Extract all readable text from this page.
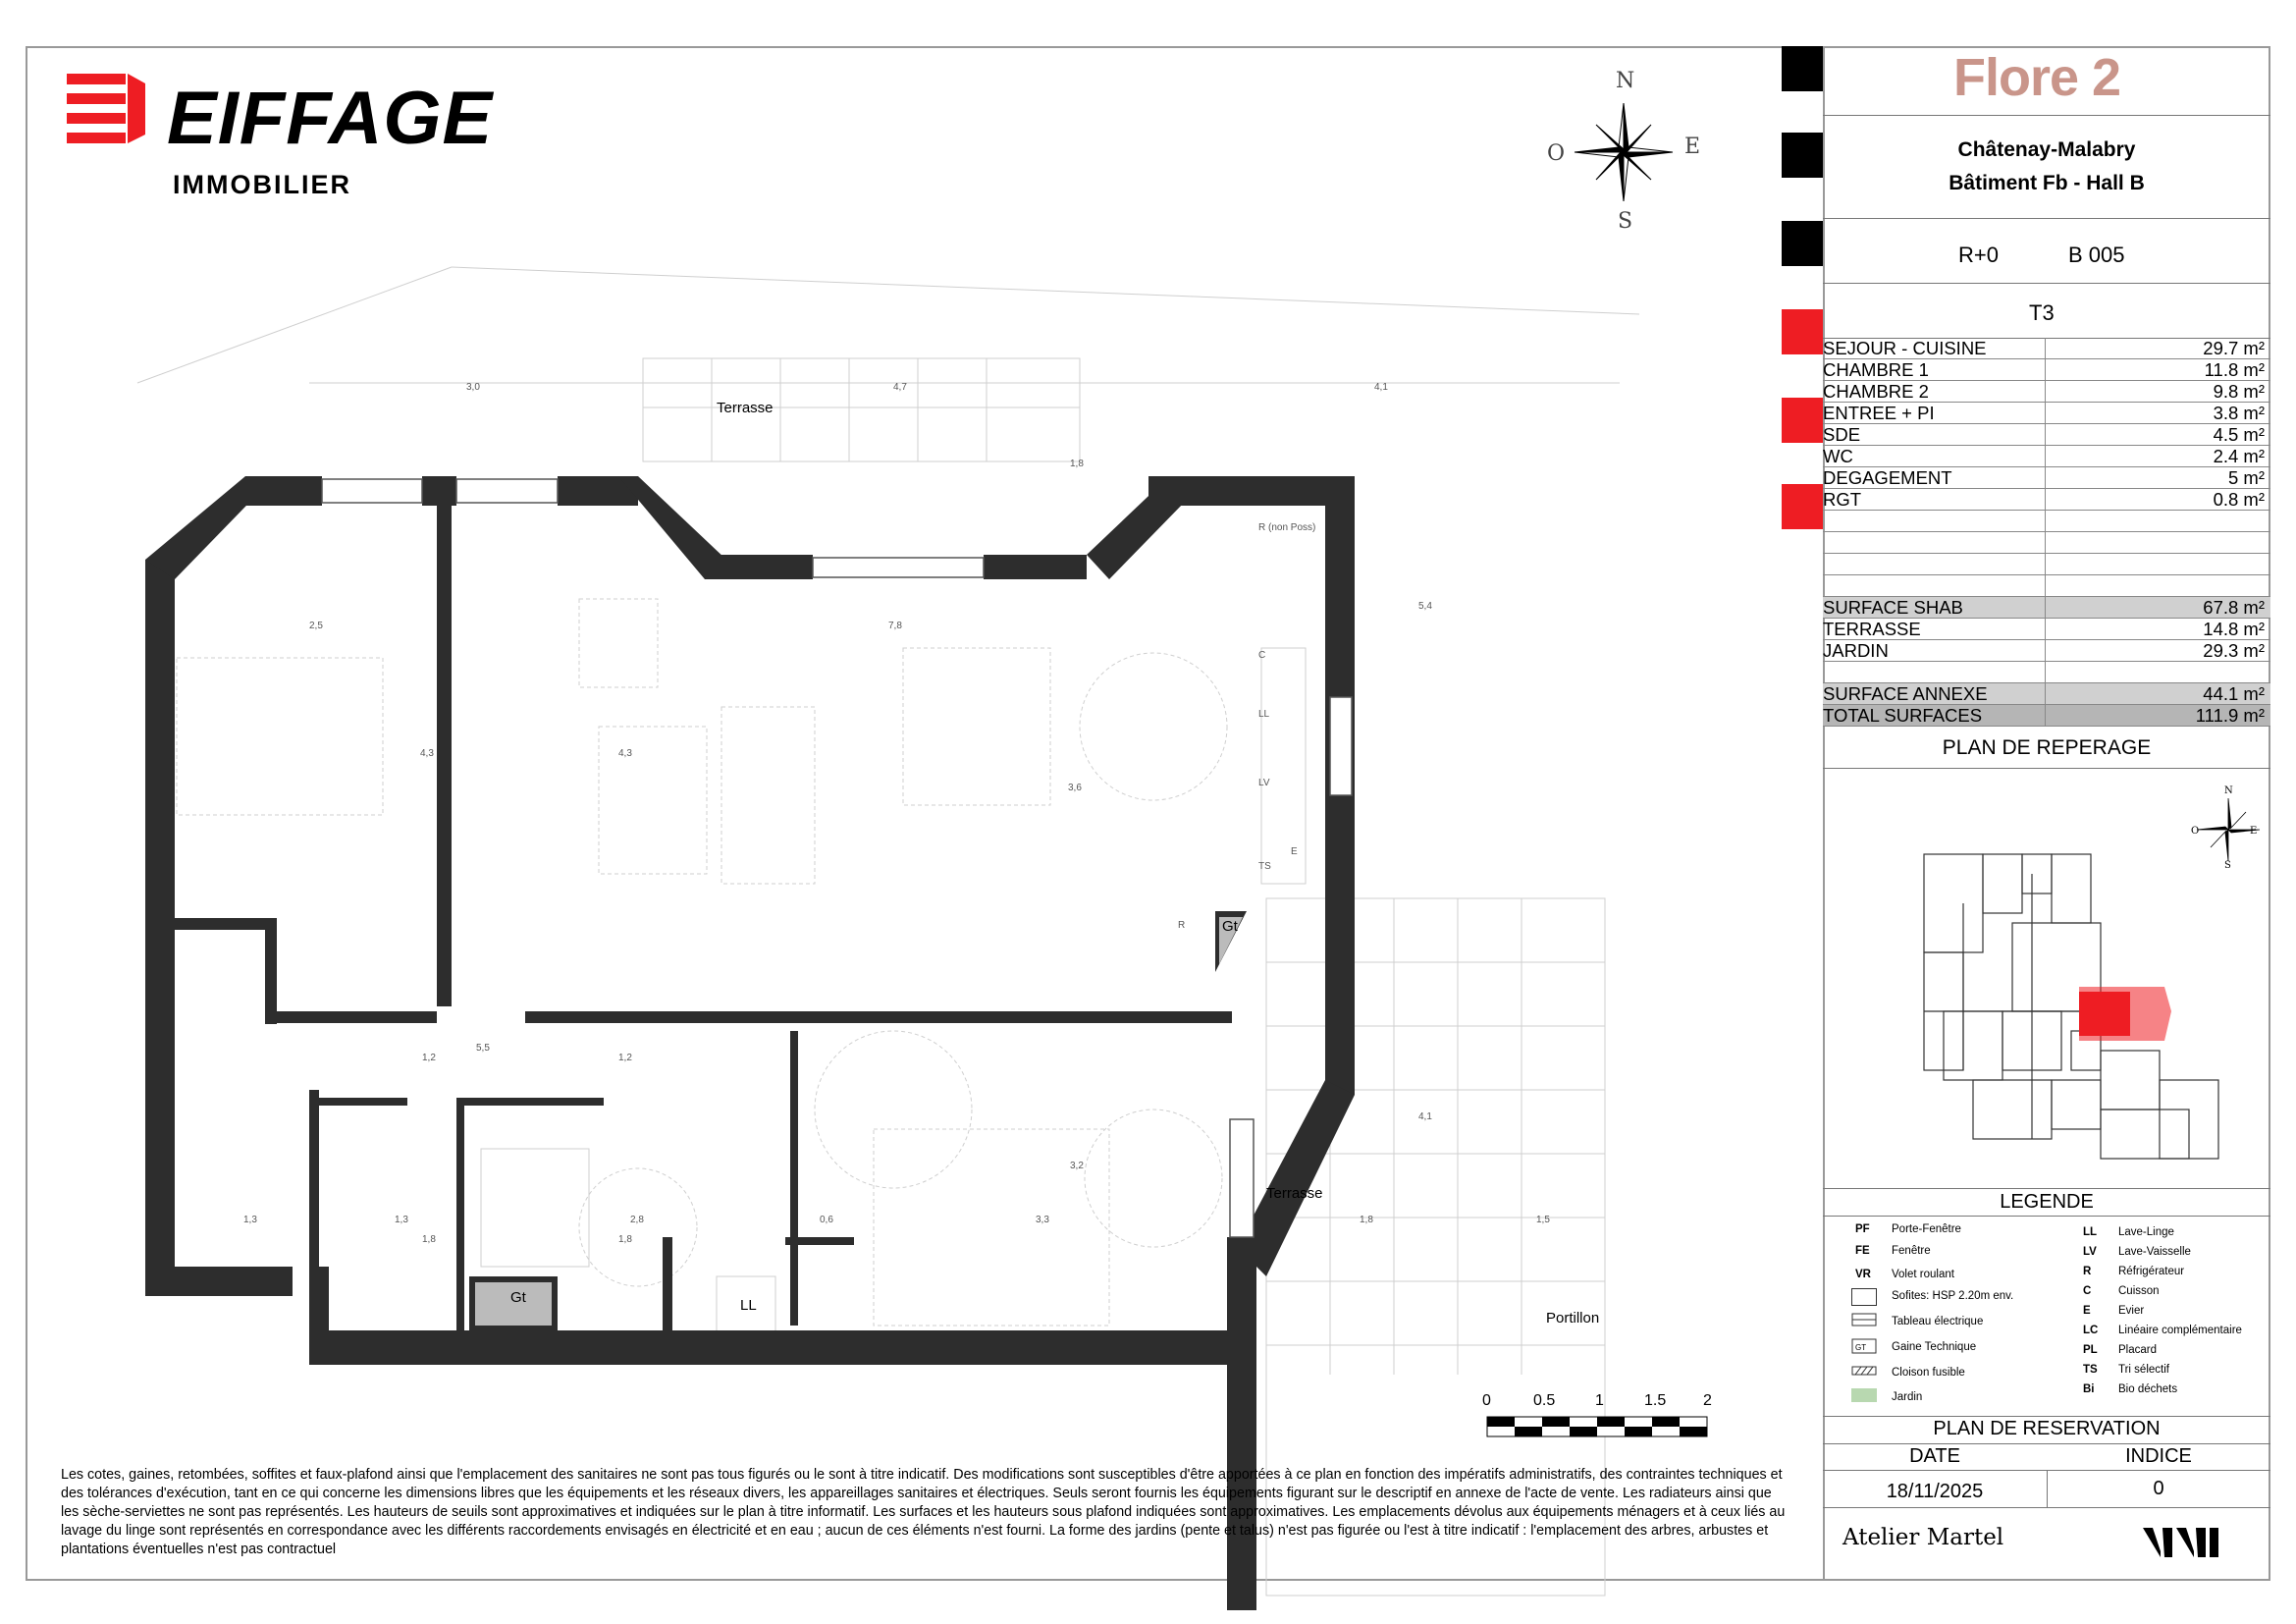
EIFFAGE
IMMOBILIER
N
S
E
O
Terrasse
Terrasse
Portillon
LL
Gt
Gt
3,0	4,7	4,1
1,8
5,4
2,5	7,8
4,3	4,3
3,6
5,5
1,2	1,2
4,1
3,2
1,3	1,3	2,8	0,6	3,3	1,8	1,5
1,8	1,8
R (non Poss)
C
LL
LV
E
TS
R
0	0.5	1	1.5 2
Les cotes, gaines, retombées, soffites et faux-plafond ainsi que l'emplacement des sanitaires ne sont pas tous figurés ou le sont à titre indicatif. Des modifications sont susceptibles d'être apportées à ce plan en fonction des impératifs administratifs, des contraintes techniques et des tolérances d'exécution, tant en ce qui concerne les dimensions libres que les équipements et les réseaux divers, les appareillages sanitaires et électriques. Seuls seront fournis les équipements figurant sur le descriptif en annexe de l'acte de vente. Les radiateurs ainsi que les sèche-serviettes ne sont pas représentés. Les hauteurs de seuils sont approximatives et indiquées sur le plan à titre informatif. Les surfaces et les hauteurs sous plafond indiquées sont approximatives. Les emplacements dévolus aux équipements ménagers et à ceux liés au lavage du linge sont représentés en correspondance avec les différents raccordements envisagés en électricité et en eau ; aucun de ces éléments n'est fourni. La forme des jardins (pente et talus) n'est pas figurée ou l'est à titre indicatif : l'emplacement des arbres, arbustes et plantations éventuelles n'est pas contractuel
Flore 2
Châtenay-Malabry
Bâtiment Fb - Hall B
R+0	B 005
T3
SEJOUR - CUISINE	29.7 m²
CHAMBRE 1	11.8 m²
CHAMBRE 2	9.8 m²
ENTREE + PI	3.8 m²
SDE	4.5 m²
WC	2.4 m²
DEGAGEMENT	5 m²
RGT	0.8 m²
SURFACE SHAB	67.8 m²
TERRASSE	14.8 m²
JARDIN	29.3 m²
SURFACE ANNEXE	44.1 m²
TOTAL SURFACES	111.9 m²
PLAN DE REPERAGE
N
S
E
O
LEGENDE
PF Porte-Fenêtre
FE Fenêtre
VR Volet roulant
Sofites: HSP 2.20m env.
Tableau électrique
GT Gaine Technique
Cloison fusible
Jardin
LL Lave-Linge
LV Lave-Vaisselle
R Réfrigérateur
C Cuisson
E Evier
LC Linéaire complémentaire
PL Placard
TS Tri sélectif
Bi Bio déchets
PLAN DE RESERVATION
DATE	INDICE
18/11/2025	0
Atelier Martel
